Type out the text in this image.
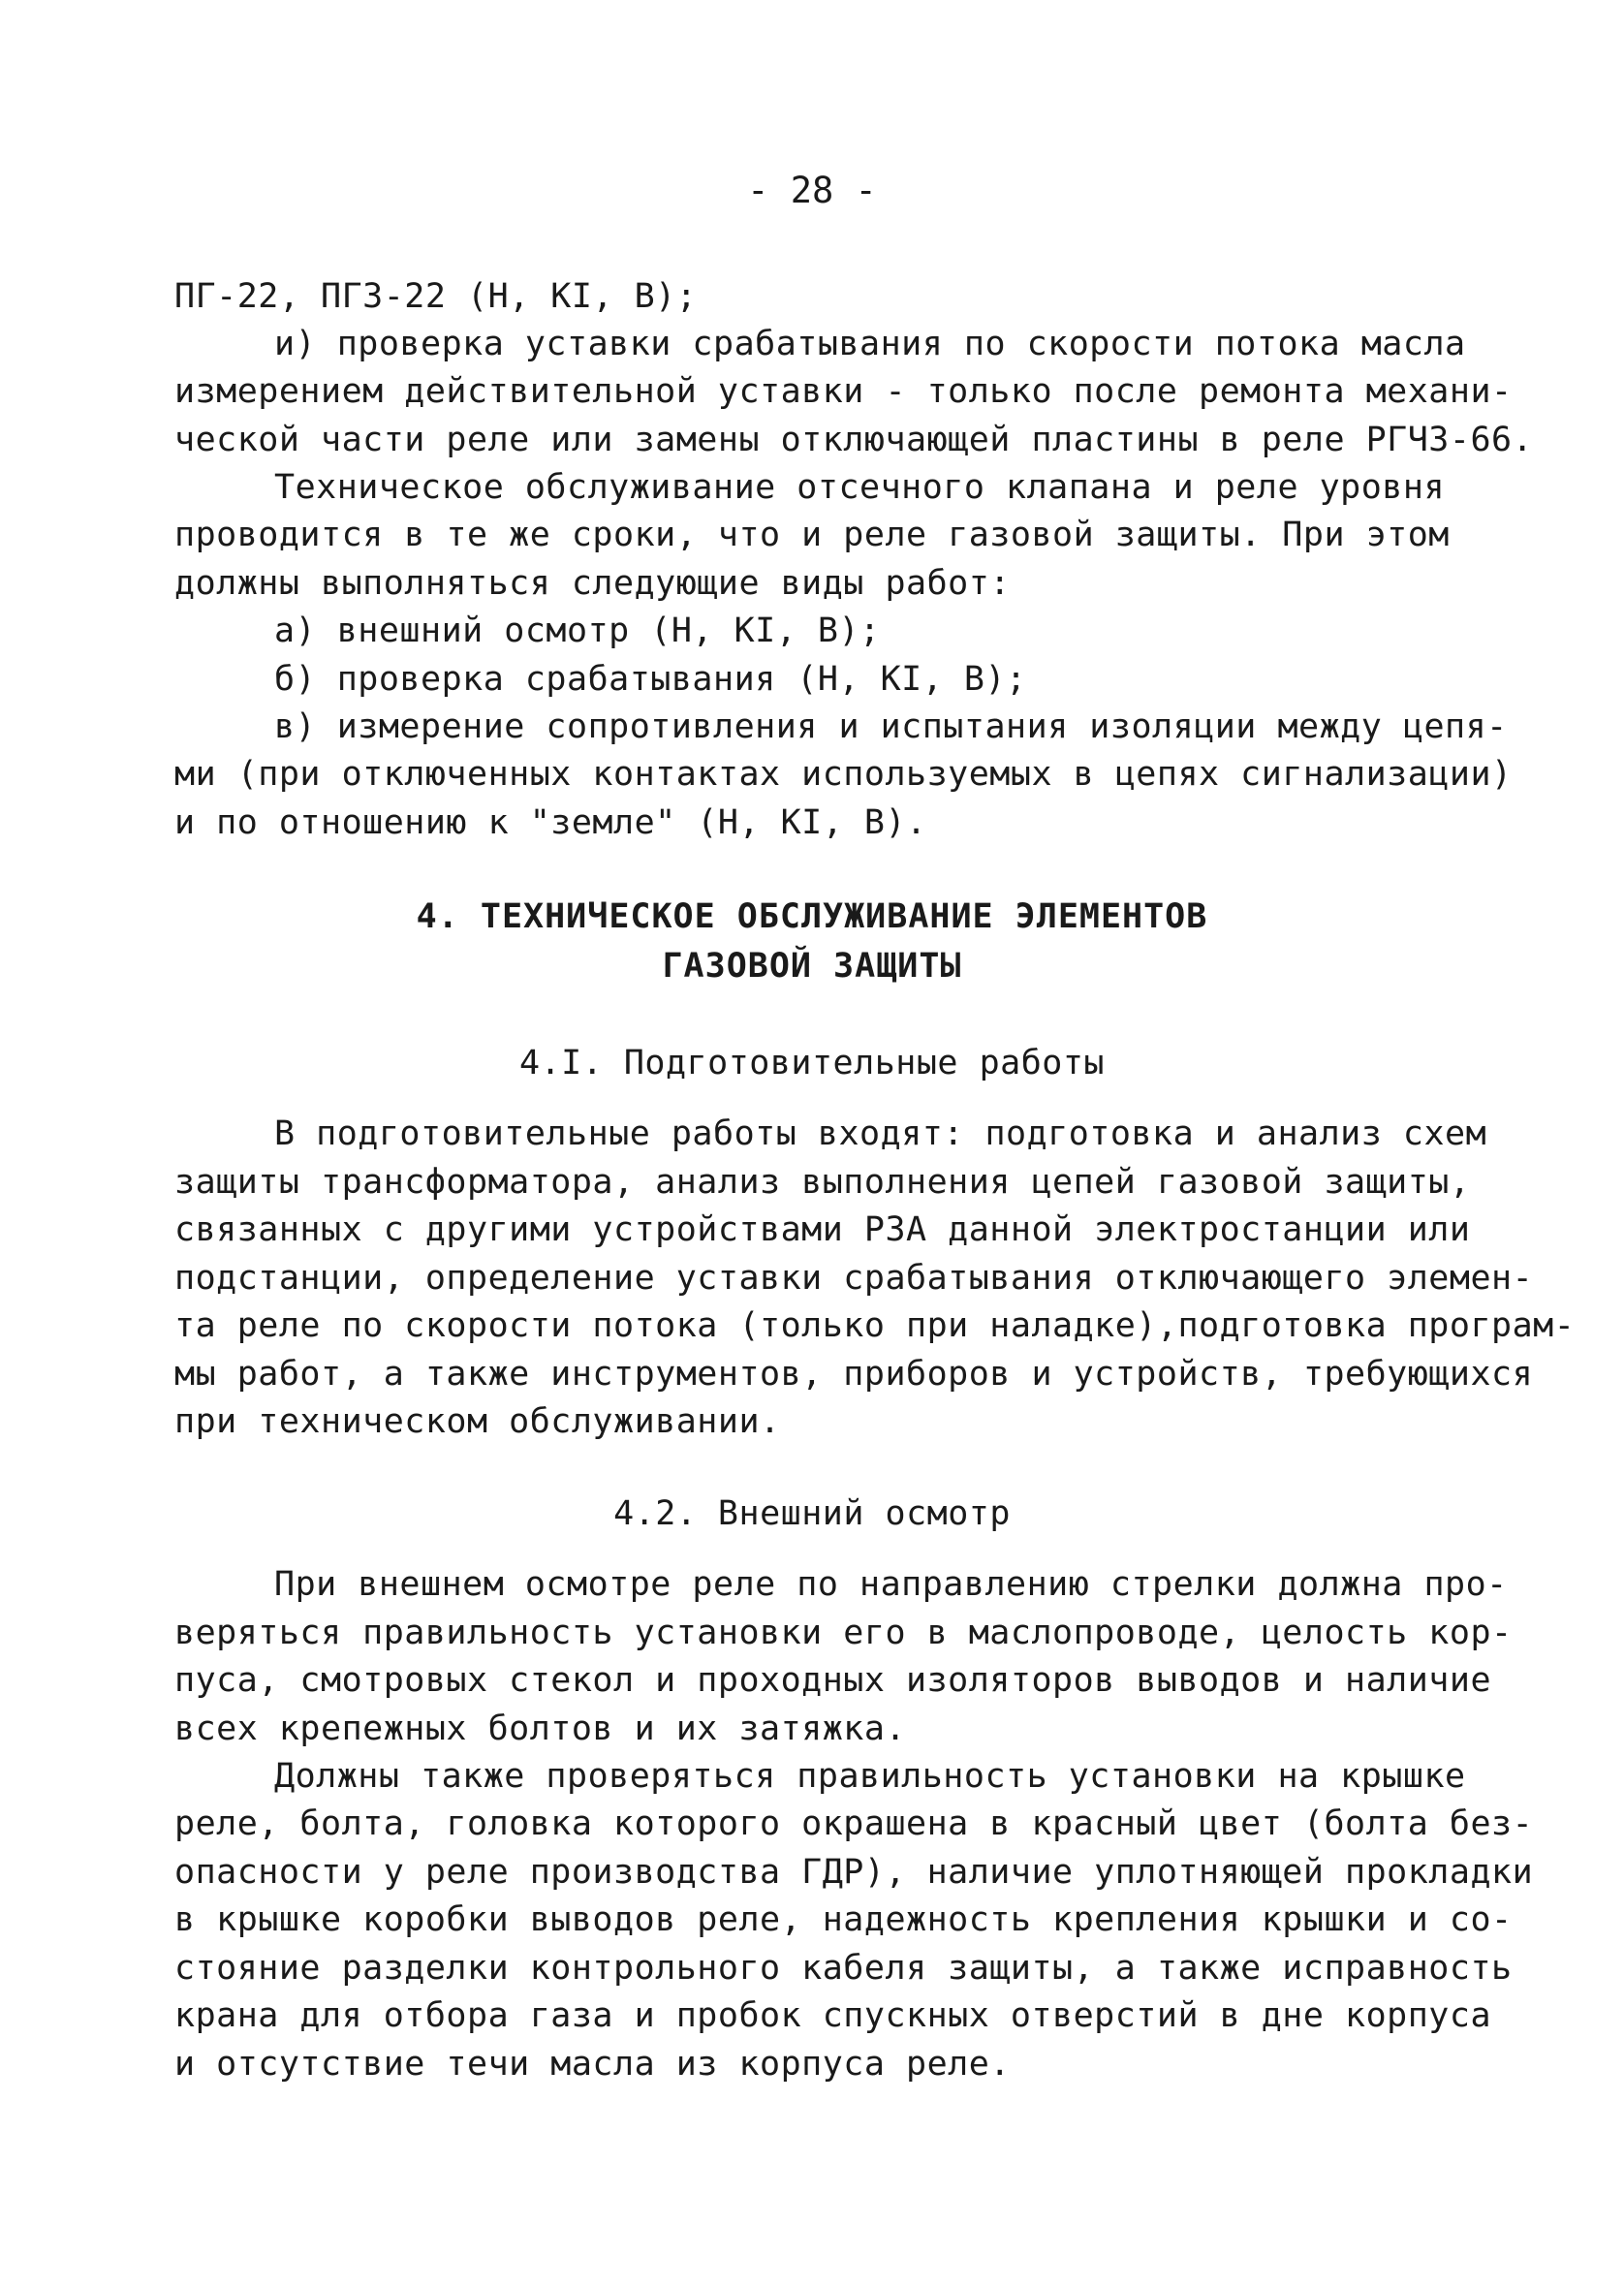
- 28 -
ПГ-22, ПГЗ-22 (Н, КI, В);
и) проверка уставки срабатывания по скорости потока масла
измерением действительной уставки - только после ремонта механи-
ческой части реле или замены отключающей пластины в реле РГЧЗ-66.
Техническое обслуживание отсечного клапана и реле уровня
проводится в те же сроки, что и реле газовой защиты. При этом
должны выполняться следующие виды работ:
а) внешний осмотр (Н, КI, В);
б) проверка срабатывания (Н, КI, В);
в) измерение сопротивления и испытания изоляции между цепя-
ми (при отключенных контактах используемых в цепях сигнализации)
и по отношению к "земле" (Н, КI, В).
4. ТЕХНИЧЕСКОЕ ОБСЛУЖИВАНИЕ ЭЛЕМЕНТОВ
ГАЗОВОЙ ЗАЩИТЫ
4.I. Подготовительные работы
В подготовительные работы входят: подготовка и анализ схем
защиты трансформатора, анализ выполнения цепей газовой защиты,
связанных с другими устройствами РЗА данной электростанции или
подстанции, определение уставки срабатывания отключающего элемен-
та реле по скорости потока (только при наладке),подготовка програм-
мы работ, а также инструментов, приборов и устройств, требующихся
при техническом обслуживании.
4.2. Внешний осмотр
При внешнем осмотре реле по направлению стрелки должна про-
веряться правильность установки его в маслопроводе, целость кор-
пуса, смотровых стекол и проходных изоляторов выводов и наличие
всех крепежных болтов и их затяжка.
Должны также проверяться правильность установки на крышке
реле, болта, головка которого окрашена в красный цвет (болта без-
опасности у реле производства ГДР), наличие уплотняющей прокладки
в крышке коробки выводов реле, надежность крепления крышки и со-
стояние разделки контрольного кабеля защиты, а также исправность
крана для отбора газа и пробок спускных отверстий в дне корпуса
и отсутствие течи масла из корпуса реле.
